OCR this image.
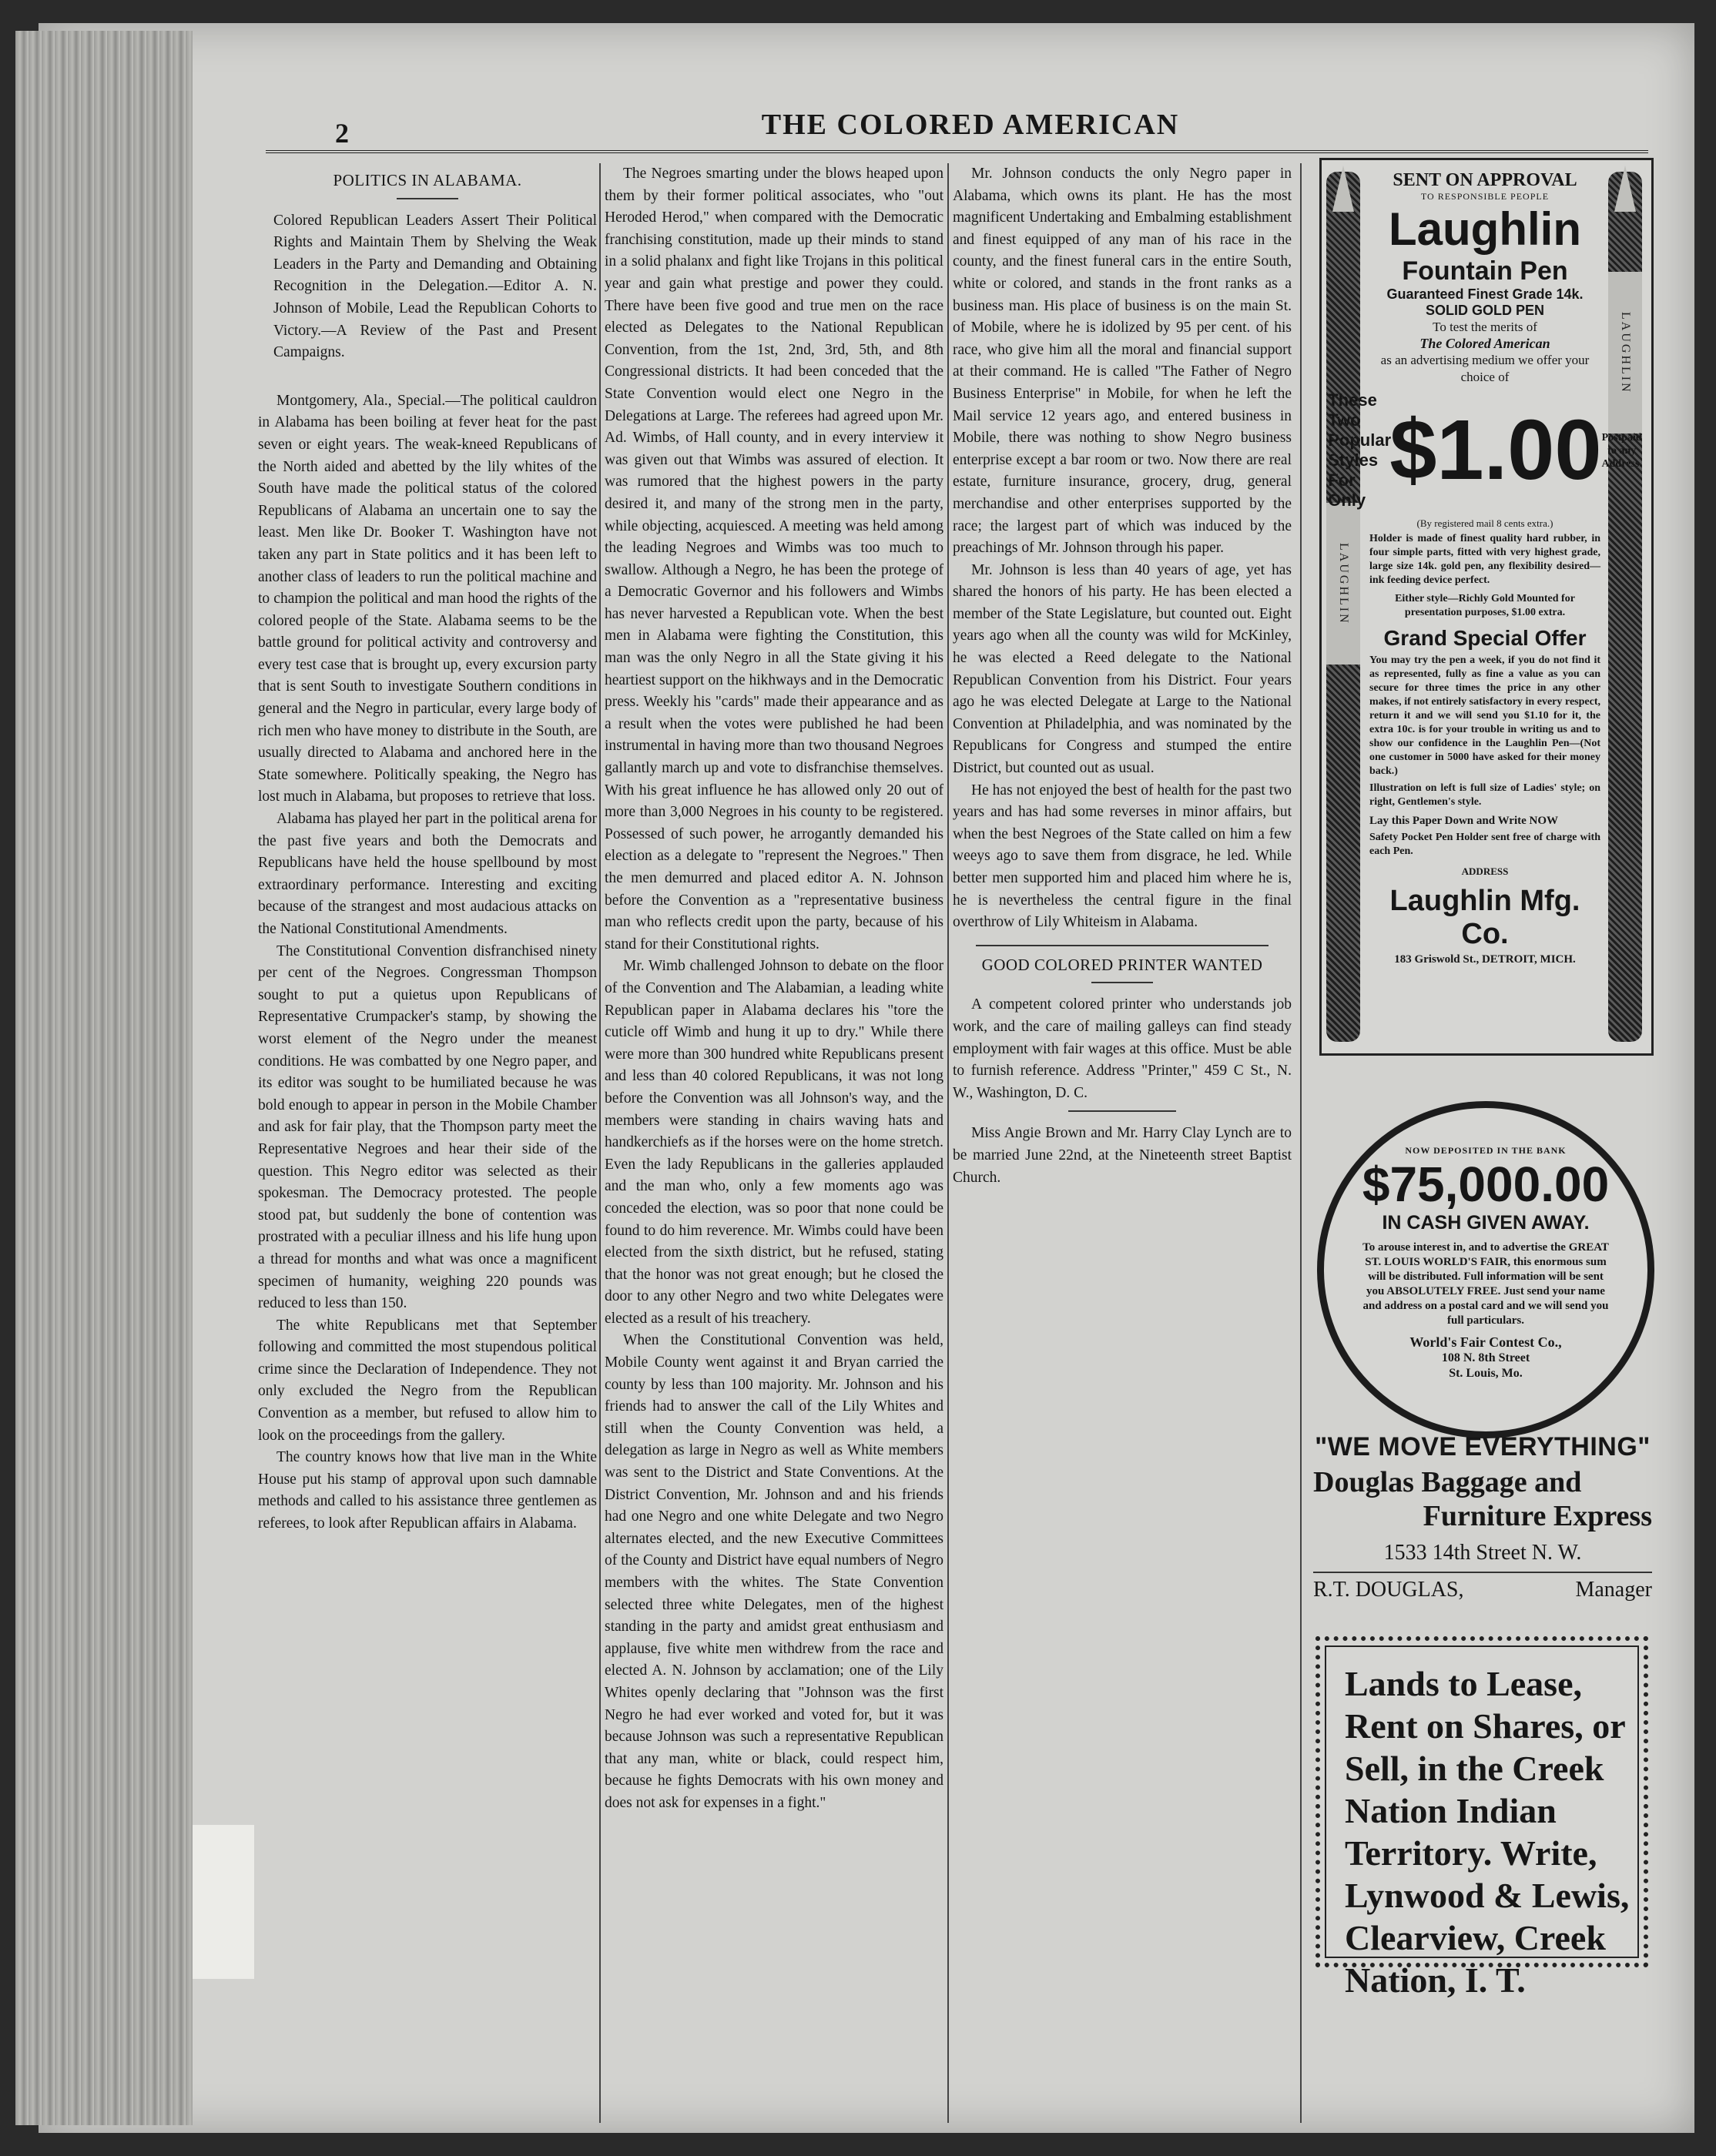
2	THE COLORED AMERICAN

POLITICS IN ALABAMA.

Colored Republican Leaders Assert Their Political Rights and Maintain Them by Shelving the Weak Leaders in the Party and Demanding and Obtaining Recognition in the Delegation.—Editor A. N. Johnson of Mobile, Lead the Republican Cohorts to Victory.—A Review of the Past and Present Campaigns.

Montgomery, Ala., Special.—The political cauldron in Alabama has been boiling at fever heat for the past seven or eight years. The weak-kneed Republicans of the North aided and abetted by the lily whites of the South have made the political status of the colored Republicans of Alabama an uncertain one to say the least. Men like Dr. Booker T. Washington have not taken any part in State politics and it has been left to another class of leaders to run the political machine and to champion the political and man hood the rights of the colored people of the State. Alabama seems to be the battle ground for political activity and controversy and every test case that is brought up, every excursion party that is sent South to investigate Southern conditions in general and the Negro in particular, every large body of rich men who have money to distribute in the South, are usually directed to Alabama and anchored here in the State somewhere. Politically speaking, the Negro has lost much in Alabama, but proposes to retrieve that loss.

Alabama has played her part in the political arena for the past five years and both the Democrats and Republicans have held the house spellbound by most extraordinary performance. Interesting and exciting because of the strangest and most audacious attacks on the National Constitutional Amendments.

The Constitutional Convention disfranchised ninety per cent of the Negroes. Congressman Thompson sought to put a quietus upon Republicans of Representative Crumpacker's stamp, by showing the worst element of the Negro under the meanest conditions. He was combatted by one Negro paper, and its editor was sought to be humiliated because he was bold enough to appear in person in the Mobile Chamber and ask for fair play, that the Thompson party meet the Representative Negroes and hear their side of the question. This Negro editor was selected as their spokesman. The Democracy protested. The people stood pat, but suddenly the bone of contention was prostrated with a peculiar illness and his life hung upon a thread for months and what was once a magnificent specimen of humanity, weighing 220 pounds was reduced to less than 150.

The white Republicans met that September following and committed the most stupendous political crime since the Declaration of Independence. They not only excluded the Negro from the Republican Convention as a member, but refused to allow him to look on the proceedings from the gallery.

The country knows how that live man in the White House put his stamp of approval upon such damnable methods and called to his assistance three gentlemen as referees, to look after Republican affairs in Alabama.

The Negroes smarting under the blows heaped upon them by their former political associates, who "out Heroded Herod," when compared with the Democratic franchising constitution, made up their minds to stand in a solid phalanx and fight like Trojans in this political year and gain what prestige and power they could. There have been five good and true men on the race elected as Delegates to the National Republican Convention, from the 1st, 2nd, 3rd, 5th, and 8th Congressional districts. It had been conceded that the State Convention would elect one Negro in the Delegations at Large. The referees had agreed upon Mr. Ad. Wimbs, of Hall county, and in every interview it was given out that Wimbs was assured of election. It was rumored that the highest powers in the party desired it, and many of the strong men in the party, while objecting, acquiesced. A meeting was held among the leading Negroes and Wimbs was too much to swallow. Although a Negro, he has been the protege of a Democratic Governor and his followers and Wimbs has never harvested a Republican vote. When the best men in Alabama were fighting the Constitution, this man was the only Negro in all the State giving it his heartiest support on the hikhways and in the Democratic press. Weekly his "cards" made their appearance and as a result when the votes were published he had been instrumental in having more than two thousand Negroes gallantly march up and vote to disfranchise themselves. With his great influence he has allowed only 20 out of more than 3,000 Negroes in his county to be registered. Possessed of such power, he arrogantly demanded his election as a delegate to "represent the Negroes." Then the men demurred and placed editor A. N. Johnson before the Convention as a "representative business man who reflects credit upon the party, because of his stand for their Constitutional rights.

Mr. Wimb challenged Johnson to debate on the floor of the Convention and The Alabamian, a leading white Republican paper in Alabama declares his "tore the cuticle off Wimb and hung it up to dry." While there were more than 300 hundred white Republicans present and less than 40 colored Republicans, it was not long before the Convention was all Johnson's way, and the members were standing in chairs waving hats and handkerchiefs as if the horses were on the home stretch. Even the lady Republicans in the galleries applauded and the man who, only a few moments ago was conceded the election, was so poor that none could be found to do him reverence. Mr. Wimbs could have been elected from the sixth district, but he refused, stating that the honor was not great enough; but he closed the door to any other Negro and two white Delegates were elected as a result of his treachery.

When the Constitutional Convention was held, Mobile County went against it and Bryan carried the county by less than 100 majority. Mr. Johnson and his friends had to answer the call of the Lily Whites and still when the County Convention was held, a delegation as large in Negro as well as White members was sent to the District and State Conventions. At the District Convention, Mr. Johnson and and his friends had one Negro and one white Delegate and two Negro alternates elected, and the new Executive Committees of the County and District have equal numbers of Negro members with the whites. The State Convention selected three white Delegates, men of the highest standing in the party and amidst great enthusiasm and applause, five white men withdrew from the race and elected A. N. Johnson by acclamation; one of the Lily Whites openly declaring that "Johnson was the first Negro he had ever worked and voted for, but it was because Johnson was such a representative Republican that any man, white or black, could respect him, because he fights Democrats with his own money and does not ask for expenses in a fight."

Mr. Johnson conducts the only Negro paper in Alabama, which owns its plant. He has the most magnificent Undertaking and Embalming establishment and finest equipped of any man of his race in the county, and the finest funeral cars in the entire South, white or colored, and stands in the front ranks as a business man. His place of business is on the main St. of Mobile, where he is idolized by 95 per cent. of his race, who give him all the moral and financial support at their command. He is called "The Father of Negro Business Enterprise" in Mobile, for when he left the Mail service 12 years ago, and entered business in Mobile, there was nothing to show Negro business enterprise except a bar room or two. Now there are real estate, furniture insurance, grocery, drug, general merchandise and other enterprises supported by the race; the largest part of which was induced by the preachings of Mr. Johnson through his paper.

Mr. Johnson is less than 40 years of age, yet has shared the honors of his party. He has been elected a member of the State Legislature, but counted out. Eight years ago when all the county was wild for McKinley, he was elected a Reed delegate to the National Republican Convention from his District. Four years ago he was elected Delegate at Large to the National Convention at Philadelphia, and was nominated by the Republicans for Congress and stumped the entire District, but counted out as usual.

He has not enjoyed the best of health for the past two years and has had some reverses in minor affairs, but when the best Negroes of the State called on him a few weeys ago to save them from disgrace, he led. While better men supported him and placed him where he is, he is nevertheless the central figure in the final overthrow of Lily Whiteism in Alabama.

GOOD COLORED PRINTER WANTED

A competent colored printer who understands job work, and the care of mailing galleys can find steady employment with fair wages at this office. Must be able to furnish reference. Address "Printer," 459 C St., N. W., Washington, D. C.

Miss Angie Brown and Mr. Harry Clay Lynch are to be married June 22nd, at the Nineteenth street Baptist Church.

LAUGHLIN
LAUGHLIN
SENT ON APPROVAL
TO RESPONSIBLE PEOPLE
Laughlin
Fountain Pen
Guaranteed Finest Grade 14k.
SOLID GOLD PEN
To test the merits of
The Colored American
as an advertising medium we offer your choice of
These Two Popular Styles For Only
$1.00 Postpaid to any Address.
(By registered mail 8 cents extra.)
Holder is made of finest quality hard rubber, in four simple parts, fitted with very highest grade, large size 14k. gold pen, any flexibility desired—ink feeding device perfect.
Either style—Richly Gold Mounted for presentation purposes, $1.00 extra.
Grand Special Offer
You may try the pen a week, if you do not find it as represented, fully as fine a value as you can secure for three times the price in any other makes, if not entirely satisfactory in every respect, return it and we will send you $1.10 for it, the extra 10c. is for your trouble in writing us and to show our confidence in the Laughlin Pen—(Not one customer in 5000 have asked for their money back.)
Illustration on left is full size of Ladies' style; on right, Gentlemen's style.
Lay this Paper Down and Write NOW
Safety Pocket Pen Holder sent free of charge with each Pen.
ADDRESS
Laughlin Mfg. Co.
183 Griswold St., DETROIT, MICH.
NOW DEPOSITED IN THE BANK
$75,000.00
IN CASH GIVEN AWAY.
To arouse interest in, and to advertise the GREAT ST. LOUIS WORLD'S FAIR, this enormous sum will be distributed. Full information will be sent you ABSOLUTELY FREE. Just send your name and address on a postal card and we will send you full particulars.
World's Fair Contest Co.,
108 N. 8th Street
St. Louis, Mo.
"WE MOVE EVERYTHING"
Douglas Baggage and
Furniture Express
1533 14th Street N. W.
R.T. DOUGLAS,	Manager
Lands to Lease, Rent on Shares, or Sell, in the Creek Nation Indian Territory. Write, Lynwood & Lewis, Clearview, Creek Nation, I. T.
